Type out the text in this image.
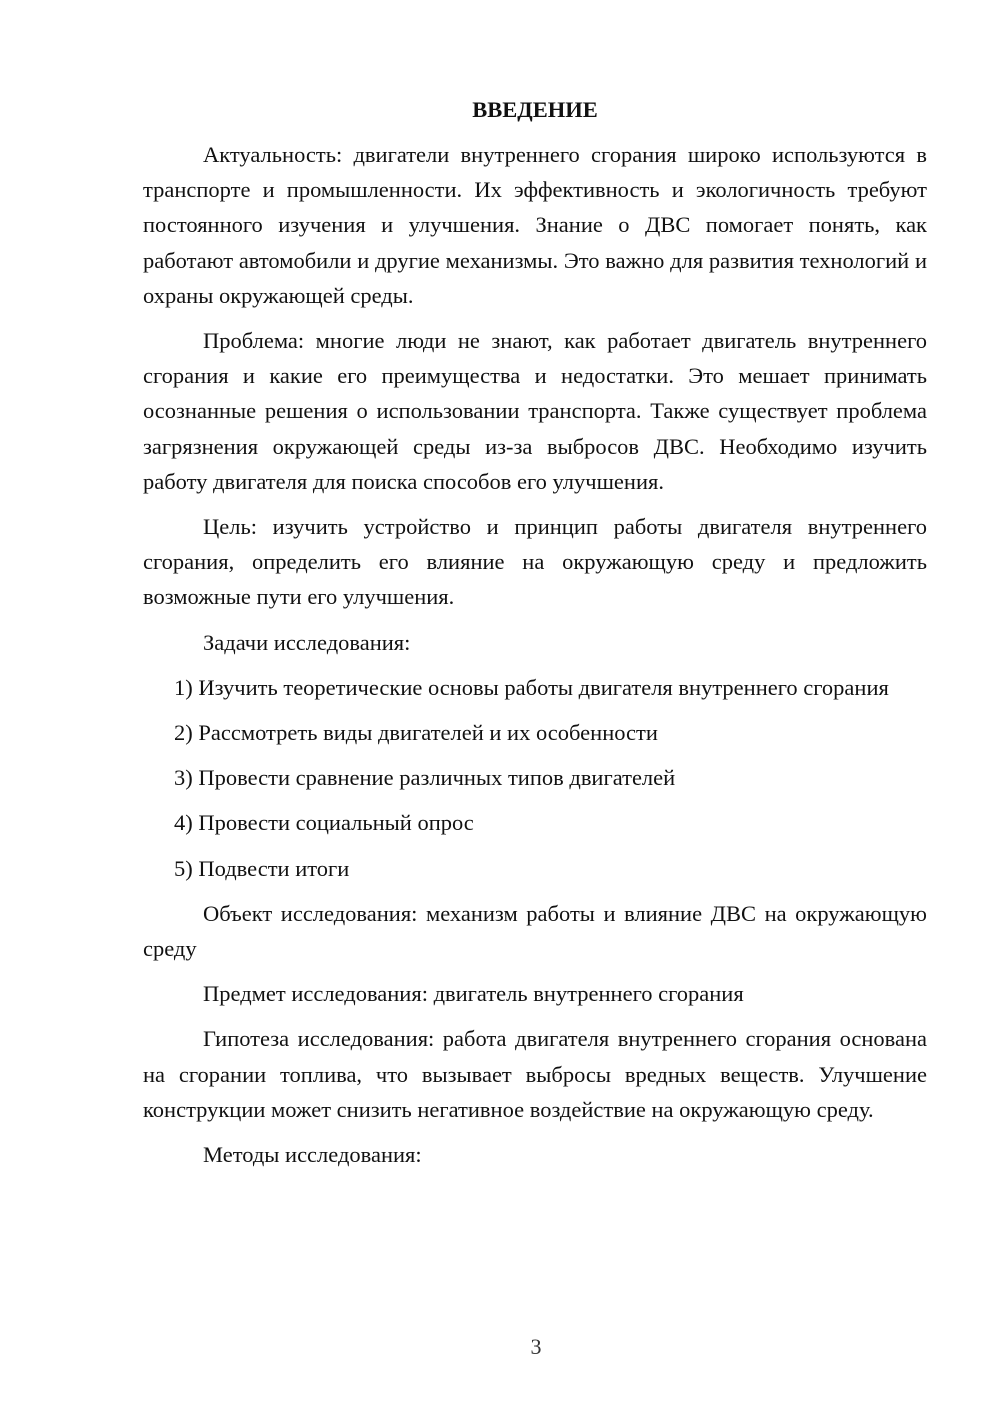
ВВЕДЕНИЕ

Актуальность: двигатели внутреннего сгорания широко используются в транспорте и промышленности. Их эффективность и экологичность требуют постоянного изучения и улучшения. Знание о ДВС помогает понять, как работают автомобили и другие механизмы. Это важно для развития технологий и охраны окружающей среды.

Проблема: многие люди не знают, как работает двигатель внутреннего сгорания и какие его преимущества и недостатки. Это мешает принимать осознанные решения о использовании транспорта. Также существует проблема загрязнения окружающей среды из-за выбросов ДВС. Необходимо изучить работу двигателя для поиска способов его улучшения.

Цель: изучить устройство и принцип работы двигателя внутреннего сгорания, определить его влияние на окружающую среду и предложить возможные пути его улучшения.

Задачи исследования:

1) Изучить теоретические основы работы двигателя внутреннего сгорания

2) Рассмотреть виды двигателей и их особенности

3) Провести сравнение различных типов двигателей

4) Провести социальный опрос

5) Подвести итоги

Объект исследования: механизм работы и влияние ДВС на окружающую среду

Предмет исследования: двигатель внутреннего сгорания

Гипотеза исследования: работа двигателя внутреннего сгорания основана на сгорании топлива, что вызывает выбросы вредных веществ. Улучшение конструкции может снизить негативное воздействие на окружающую среду.

Методы исследования:

3
